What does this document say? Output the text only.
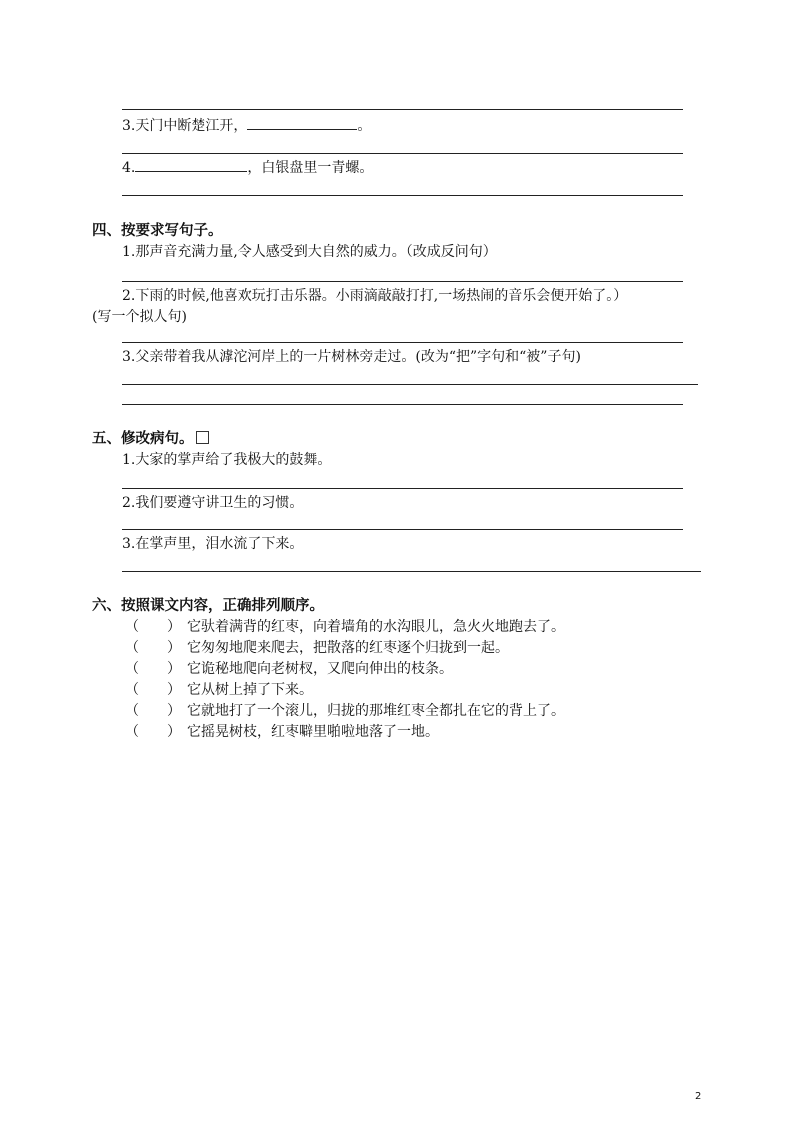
3.天门中断楚江开，	。
4.	，白银盘里一青螺。
四、按要求写句子。
1.那声音充满力量,令人感受到大自然的威力。（改成反问句）
2.下雨的时候,他喜欢玩打击乐器。小雨滴敲敲打打,一场热闹的音乐会便开始了。）
(写一个拟人句)
3.父亲带着我从滹沱河岸上的一片树林旁走过。(改为“把”字句和“被”子句)
五、修改病句。
1.大家的掌声给了我极大的鼓舞。
2.我们要遵守讲卫生的习惯。
3.在掌声里，泪水流了下来。
六、按照课文内容，正确排列顺序。
（　　） 它驮着满背的红枣，向着墙角的水沟眼儿，急火火地跑去了。
（　　） 它匆匆地爬来爬去，把散落的红枣逐个归拢到一起。
（　　） 它诡秘地爬向老树杈，又爬向伸出的枝条。
（　　） 它从树上掉了下来。
（　　） 它就地打了一个滚儿，归拢的那堆红枣全都扎在它的背上了。
（　　） 它摇晃树枝，红枣噼里啪啦地落了一地。
2
